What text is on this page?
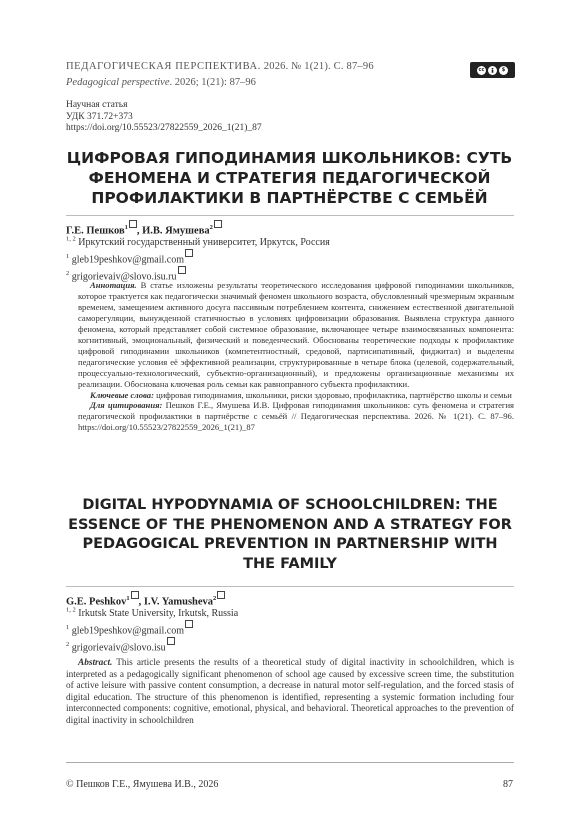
ПЕДАГОГИЧЕСКАЯ ПЕРСПЕКТИВА. 2026. № 1(21). С. 87–96
Pedagogical perspective. 2026; 1(21): 87–96
cc	$
Научная статья
УДК 371.72+373
https://doi.org/10.55523/27822559_2026_1(21)_87
ЦИФРОВАЯ ГИПОДИНАМИЯ ШКОЛЬНИКОВ: СУТЬ ФЕНОМЕНА И СТРАТЕГИЯ ПЕДАГОГИЧЕСКОЙ ПРОФИЛАКТИКИ В ПАРТНЁРСТВЕ С СЕМЬЁЙ
Г.Е. Пешков$^1$ , И.В. Ямушева$^2$
$^{1, 2}$ Иркутский государственный университет, Иркутск, Россия
$^1$ gleb19peshkov@gmail.com
$^2$ grigorievaiv@slovo.isu.ru

Аннотация. В статье изложены результаты теоретического исследования цифровой гиподинамии школьников, которое трактуется как педагогически значимый феномен школьного возраста, обусловленный чрезмерным экранным временем, замещением активного досуга пассивным потреблением контента, снижением естественной двигательной саморегуляции, вынужденной статичностью в условиях цифровизации образования. Выявлена структура данного феномена, который представляет собой системное образование, включающее четыре взаимосвязанных компонента: когнитивный, эмоциональный, физический и поведенческий. Обоснованы теоретические подходы к профилактике цифровой гиподинамии школьников (компетентностный, средовой, партисипативный, фиджитал) и выделены педагогические условия её эффективной реализации, структурированные в четыре блока (целевой, содержательный, процессуально-технологический, субъектно-организационный), и предложены организационные механизмы их реализации. Обоснована ключевая роль семьи как равноправного субъекта профилактики.

Ключевые слова: цифровая гиподинамия, школьники, риски здоровью, профилактика, партнёрство школы и семьи

Для цитирования: Пешков Г.Е., Ямушева И.В. Цифровая гиподинамия школьников: суть феномена и стратегия педагогической профилактики в партнёрстве с семьёй // Педагогическая перспектива. 2026. № 1(21). С. 87–96. https://doi.org/10.55523/27822559_2026_1(21)_87

DIGITAL HYPODYNAMIA OF SCHOOLCHILDREN: THE ESSENCE OF THE PHENOMENON AND A STRATEGY FOR PEDAGOGICAL PREVENTION IN PARTNERSHIP WITH THE FAMILY
G.E. Peshkov$^1$ , I.V. Yamusheva$^2$
$^{1, 2}$ Irkutsk State University, Irkutsk, Russia
$^1$ gleb19peshkov@gmail.com
$^2$ grigorievaiv@slovo.isu

Abstract. This article presents the results of a theoretical study of digital inactivity in schoolchildren, which is interpreted as a pedagogically significant phenomenon of school age caused by excessive screen time, the substitution of active leisure with passive content consumption, a decrease in natural motor self-regulation, and the forced stasis of digital education. The structure of this phenomenon is identified, representing a systemic formation including four interconnected components: cognitive, emotional, physical, and behavioral. Theoretical approaches to the prevention of digital inactivity in schoolchildren

© Пешков Г.Е., Ямушева И.В., 2026	87
